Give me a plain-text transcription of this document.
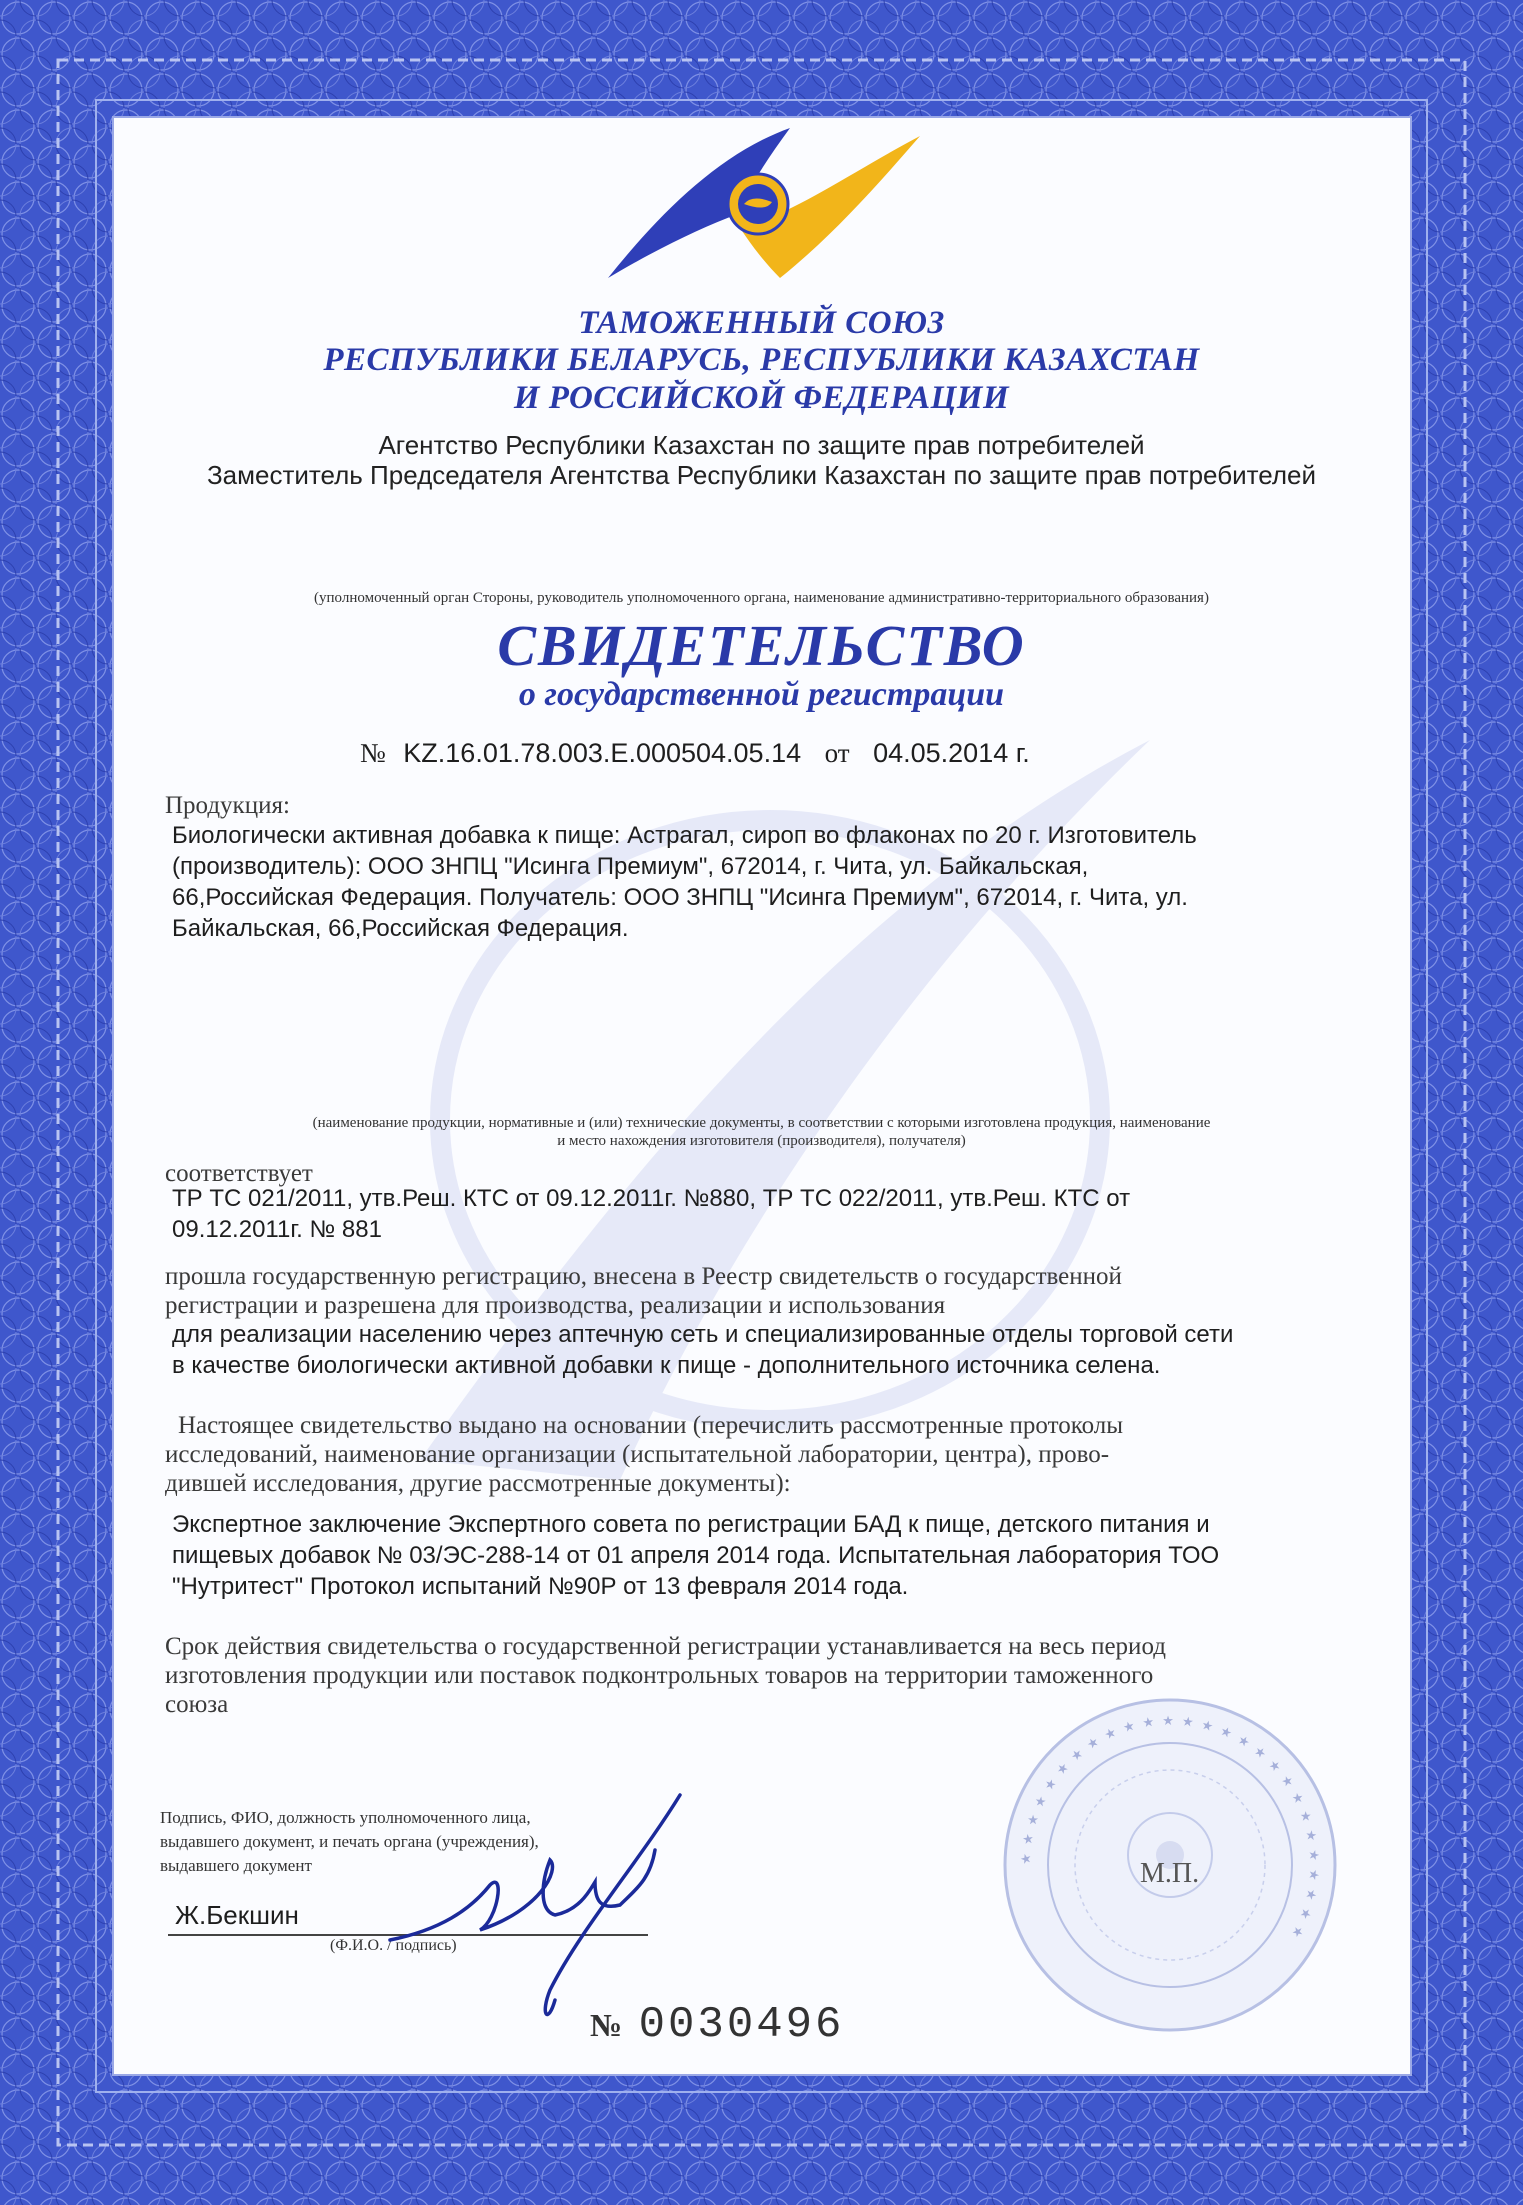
ТАМОЖЕННЫЙ СОЮЗ
РЕСПУБЛИКИ БЕЛАРУСЬ, РЕСПУБЛИКИ КАЗАХСТАН
И РОССИЙСКОЙ ФЕДЕРАЦИИ
Агентство Республики Казахстан по защите прав потребителей
Заместитель Председателя Агентства Республики Казахстан по защите прав потребителей
(уполномоченный орган Стороны, руководитель уполномоченного органа, наименование административно-территориального образования)
СВИДЕТЕЛЬСТВО
о государственной регистрации
№ KZ.16.01.78.003.E.000504.05.14 от 04.05.2014 г.
Продукция:
Биологически активная добавка к пище: Астрагал, сироп во флаконах по 20 г. Изготовитель
(производитель): ООО ЗНПЦ "Исинга Премиум", 672014, г. Чита, ул. Байкальская,
66,Российская Федерация. Получатель: ООО ЗНПЦ "Исинга Премиум", 672014, г. Чита, ул.
Байкальская, 66,Российская Федерация.
(наименование продукции, нормативные и (или) технические документы, в соответствии с которыми изготовлена продукция, наименование
и место нахождения изготовителя (производителя), получателя)
соответствует
ТР ТС 021/2011, утв.Реш. КТС от 09.12.2011г. №880, ТР ТС 022/2011, утв.Реш. КТС от
09.12.2011г. № 881
прошла государственную регистрацию, внесена в Реестр свидетельств о государственной
регистрации и разрешена для производства, реализации и использования
для реализации населению через аптечную сеть и специализированные отделы торговой сети
в качестве биологически активной добавки к пище - дополнительного источника селена.
Настоящее свидетельство выдано на основании (перечислить рассмотренные протоколы
исследований, наименование организации (испытательной лаборатории, центра), прово-
дившей исследования, другие рассмотренные документы):
Экспертное заключение Экспертного совета по регистрации БАД к пище, детского питания и
пищевых добавок № 03/ЭС-288-14 от 01 апреля 2014 года. Испытательная лаборатория ТОО
"Нутритест" Протокол испытаний №90Р от 13 февраля 2014 года.
Срок действия свидетельства о государственной регистрации устанавливается на весь период
изготовления продукции или поставок подконтрольных товаров на территории таможенного
союза
★ ★ ★ ★ ★ ★ ★ ★ ★ ★ ★ ★ ★ ★ ★ ★ ★ ★ ★ ★ ★ ★ ★ ★ ★ ★ ★
М.П.
Подпись, ФИО, должность уполномоченного лица,
выдавшего документ, и печать органа (учреждения),
выдавшего документ
Ж.Бекшин
(Ф.И.О. / подпись)
№ 0030496
